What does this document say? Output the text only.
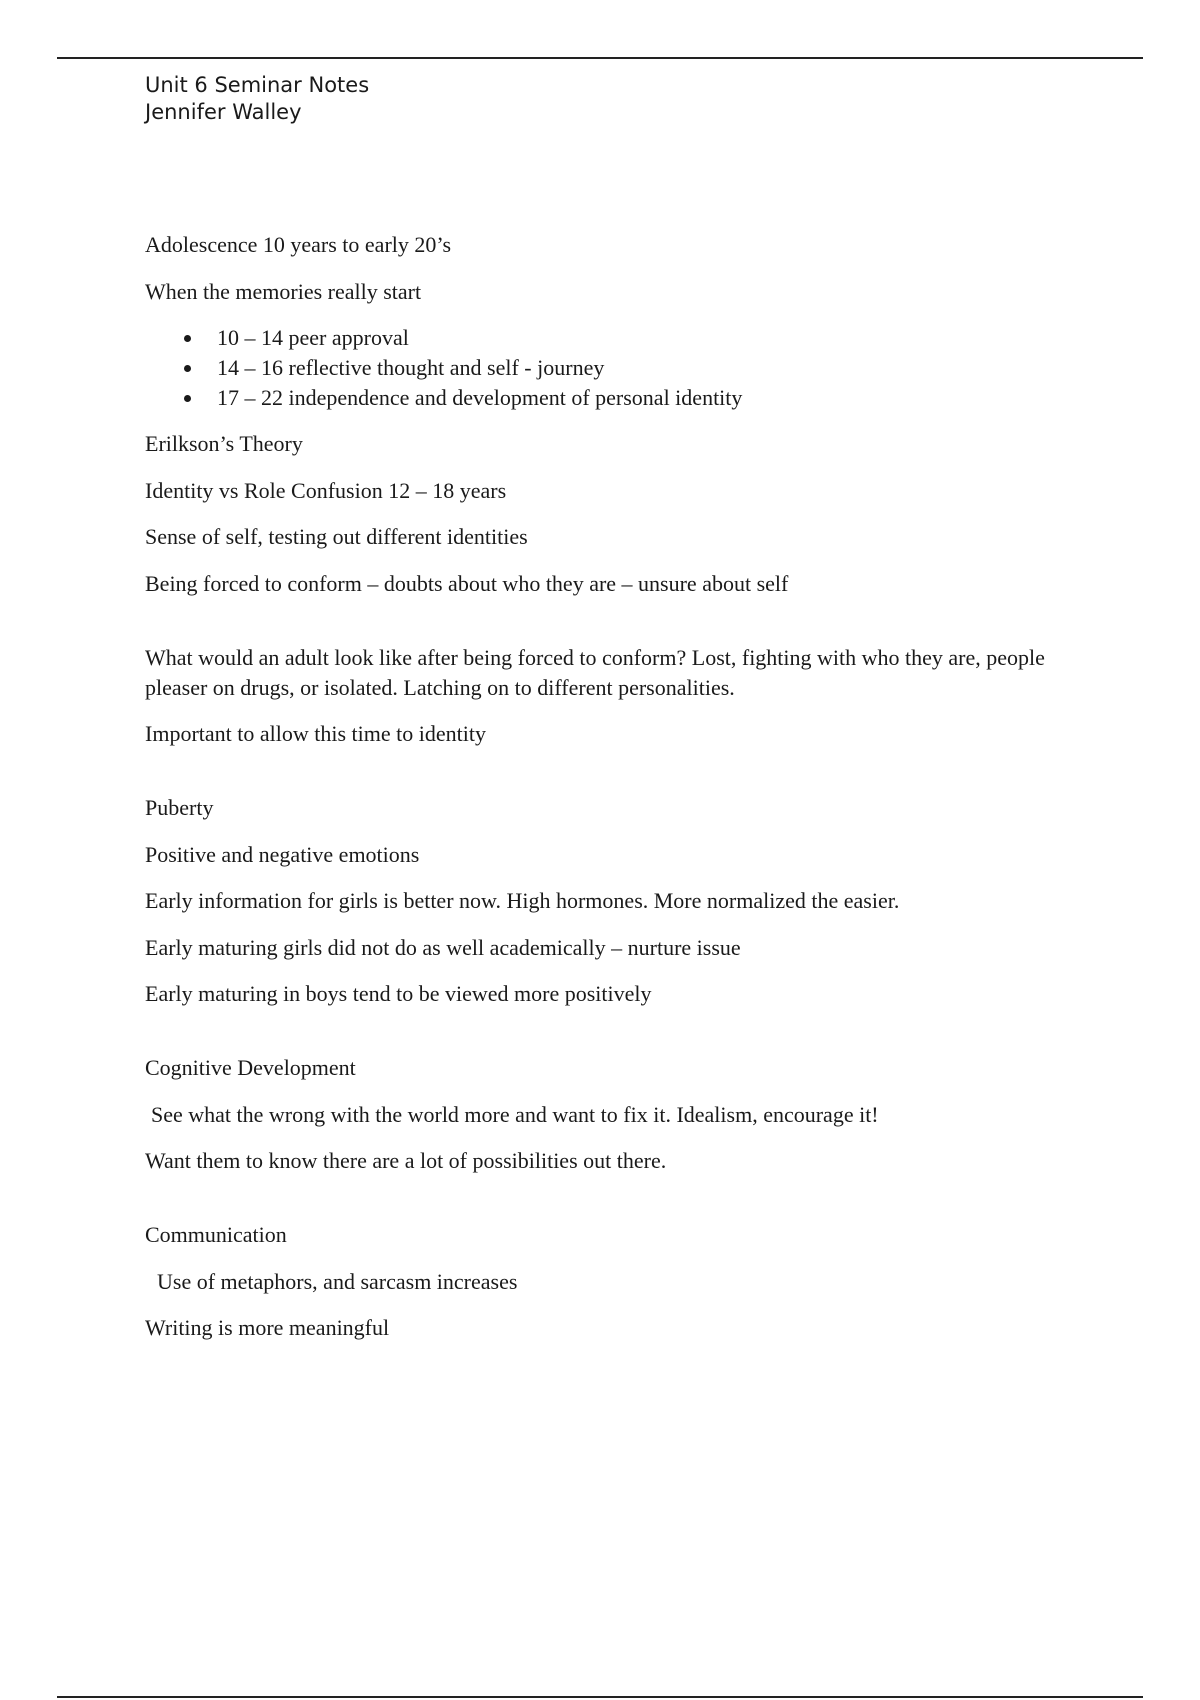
Unit 6 Seminar Notes
Jennifer Walley

Adolescence 10 years to early 20’s

When the memories really start

10 – 14 peer approval
14 – 16 reflective thought and self - journey
17 – 22 independence and development of personal identity

Erilkson’s Theory

Identity vs Role Confusion 12 – 18 years

Sense of self, testing out different identities

Being forced to conform – doubts about who they are – unsure about self

What would an adult look like after being forced to conform? Lost, fighting with who they are, people pleaser on drugs, or isolated. Latching on to different personalities.

Important to allow this time to identity

Puberty

Positive and negative emotions

Early information for girls is better now. High hormones. More normalized the easier.

Early maturing girls did not do as well academically – nurture issue

Early maturing in boys tend to be viewed more positively

Cognitive Development

See what the wrong with the world more and want to fix it. Idealism, encourage it!

Want them to know there are a lot of possibilities out there.

Communication

Use of metaphors, and sarcasm increases

Writing is more meaningful
